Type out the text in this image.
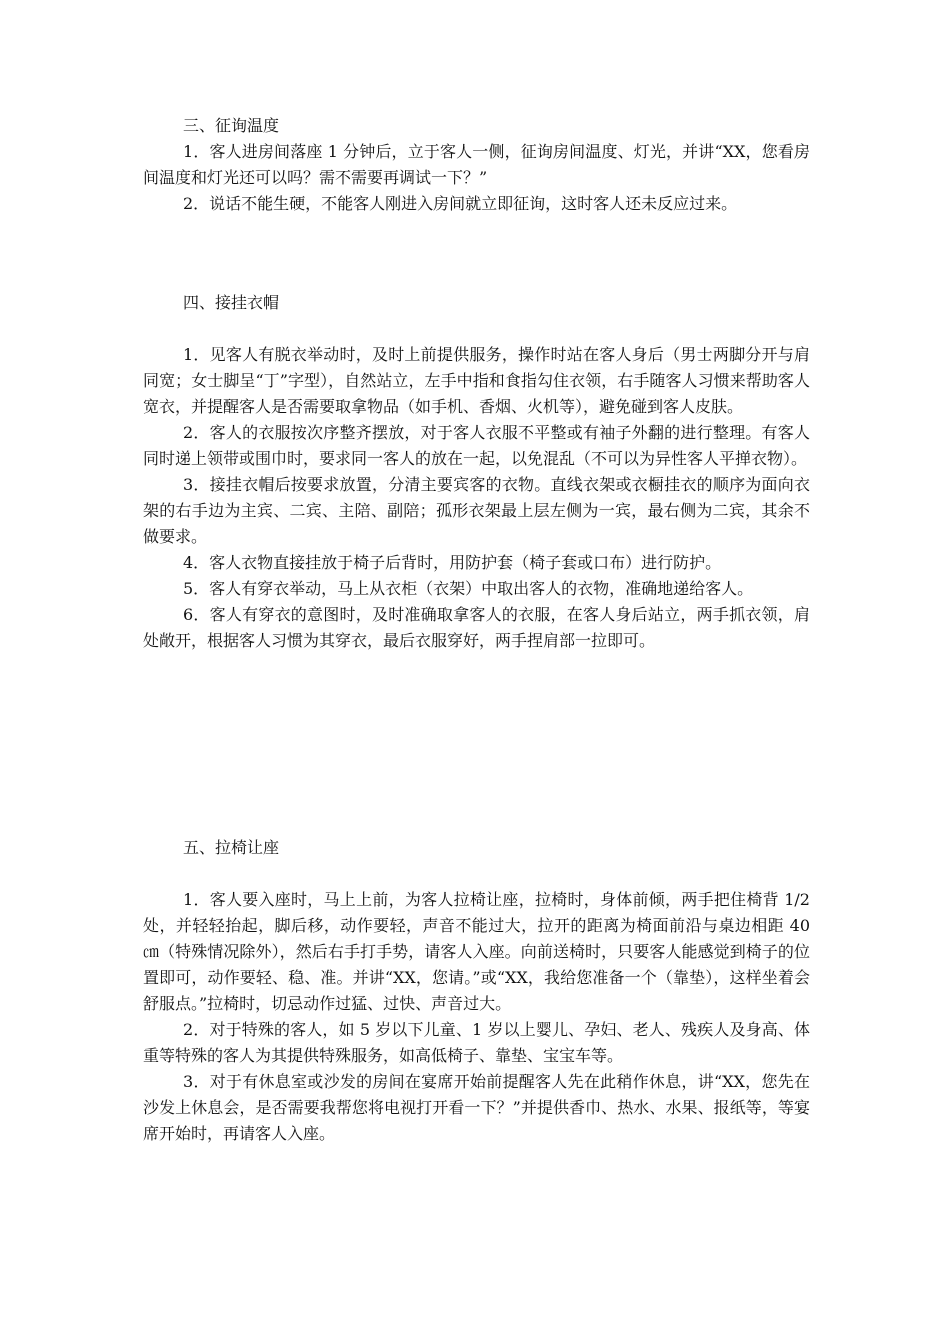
三、征询温度

1．客人进房间落座 1 分钟后，立于客人一侧，征询房间温度、灯光，并讲“XX，您看房间温度和灯光还可以吗？需不需要再调试一下？”

2．说话不能生硬，不能客人刚进入房间就立即征询，这时客人还未反应过来。

四、接挂衣帽

1．见客人有脱衣举动时，及时上前提供服务，操作时站在客人身后（男士两脚分开与肩同宽；女士脚呈“丁”字型），自然站立，左手中指和食指勾住衣领，右手随客人习惯来帮助客人宽衣，并提醒客人是否需要取拿物品（如手机、香烟、火机等），避免碰到客人皮肤。

2．客人的衣服按次序整齐摆放，对于客人衣服不平整或有袖子外翻的进行整理。有客人同时递上领带或围巾时，要求同一客人的放在一起，以免混乱（不可以为异性客人平掸衣物）。

3．接挂衣帽后按要求放置，分清主要宾客的衣物。直线衣架或衣橱挂衣的顺序为面向衣架的右手边为主宾、二宾、主陪、副陪；孤形衣架最上层左侧为一宾，最右侧为二宾，其余不做要求。

4．客人衣物直接挂放于椅子后背时，用防护套（椅子套或口布）进行防护。

5．客人有穿衣举动，马上从衣柜（衣架）中取出客人的衣物，准确地递给客人。

6．客人有穿衣的意图时，及时准确取拿客人的衣服，在客人身后站立，两手抓衣领，肩处敞开，根据客人习惯为其穿衣，最后衣服穿好，两手捏肩部一拉即可。

五、拉椅让座

1．客人要入座时，马上上前，为客人拉椅让座，拉椅时，身体前倾，两手把住椅背 1/2 处，并轻轻抬起，脚后移，动作要轻，声音不能过大，拉开的距离为椅面前沿与桌边相距 40 ㎝（特殊情况除外），然后右手打手势，请客人入座。向前送椅时，只要客人能感觉到椅子的位置即可，动作要轻、稳、准。并讲“XX，您请。”或“XX，我给您准备一个（靠垫），这样坐着会舒服点。”拉椅时，切忌动作过猛、过快、声音过大。

2．对于特殊的客人，如 5 岁以下儿童、1 岁以上婴儿、孕妇、老人、残疾人及身高、体重等特殊的客人为其提供特殊服务，如高低椅子、靠垫、宝宝车等。

3．对于有休息室或沙发的房间在宴席开始前提醒客人先在此稍作休息，讲“XX，您先在沙发上休息会，是否需要我帮您将电视打开看一下？”并提供香巾、热水、水果、报纸等，等宴席开始时，再请客人入座。
